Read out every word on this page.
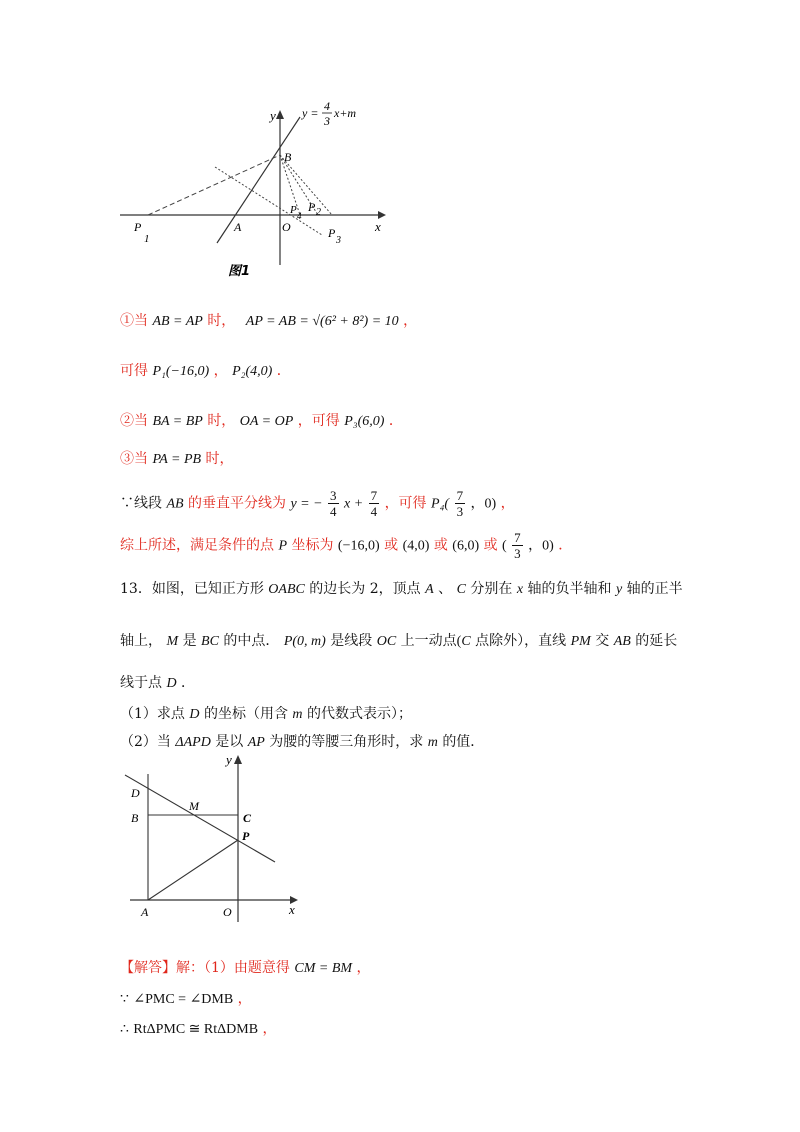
y
x
y = 4
3
x+m
B
A	O
P
1
P 4
P 2
P
3
图1
①当 AB = AP 时， AP = AB = √(6² + 8²) = 10 ，
可得 P₁(−16,0) ， P₂(4,0) ．
②当 BA = BP 时， OA = OP ，可得 P₃(6,0) ．
③当 PA = PB 时，
∵线段 AB 的垂直平分线为 y = − $\frac{3}{4}$ $x + \frac{7}{4}$ ，可得 $P_4( \frac{7}{3}$ ，0) ，
综上所述，满足条件的点 P 坐标为 (−16,0) 或 (4,0) 或 (6,0) 或 ( $\frac{7}{3}$ ，0) ．
13．如图，已知正方形 OABC 的边长为 2，顶点 A 、 C 分别在 x 轴的负半轴和 y 轴的正半
轴上， M 是 BC 的中点． P(0, m) 是线段 OC 上一动点(C 点除外），直线 PM 交 AB 的延长
线于点 D ．
（1）求点 D 的坐标（用含 m 的代数式表示）；
（2）当 ΔAPD 是以 AP 为腰的等腰三角形时，求 m 的值．
y
x
D
M
B	C
P
A	O
【解答】解：（1）由题意得 CM = BM ，
∵ ∠PMC = ∠DMB ，
∴ RtΔPMC ≅ RtΔDMB ，
